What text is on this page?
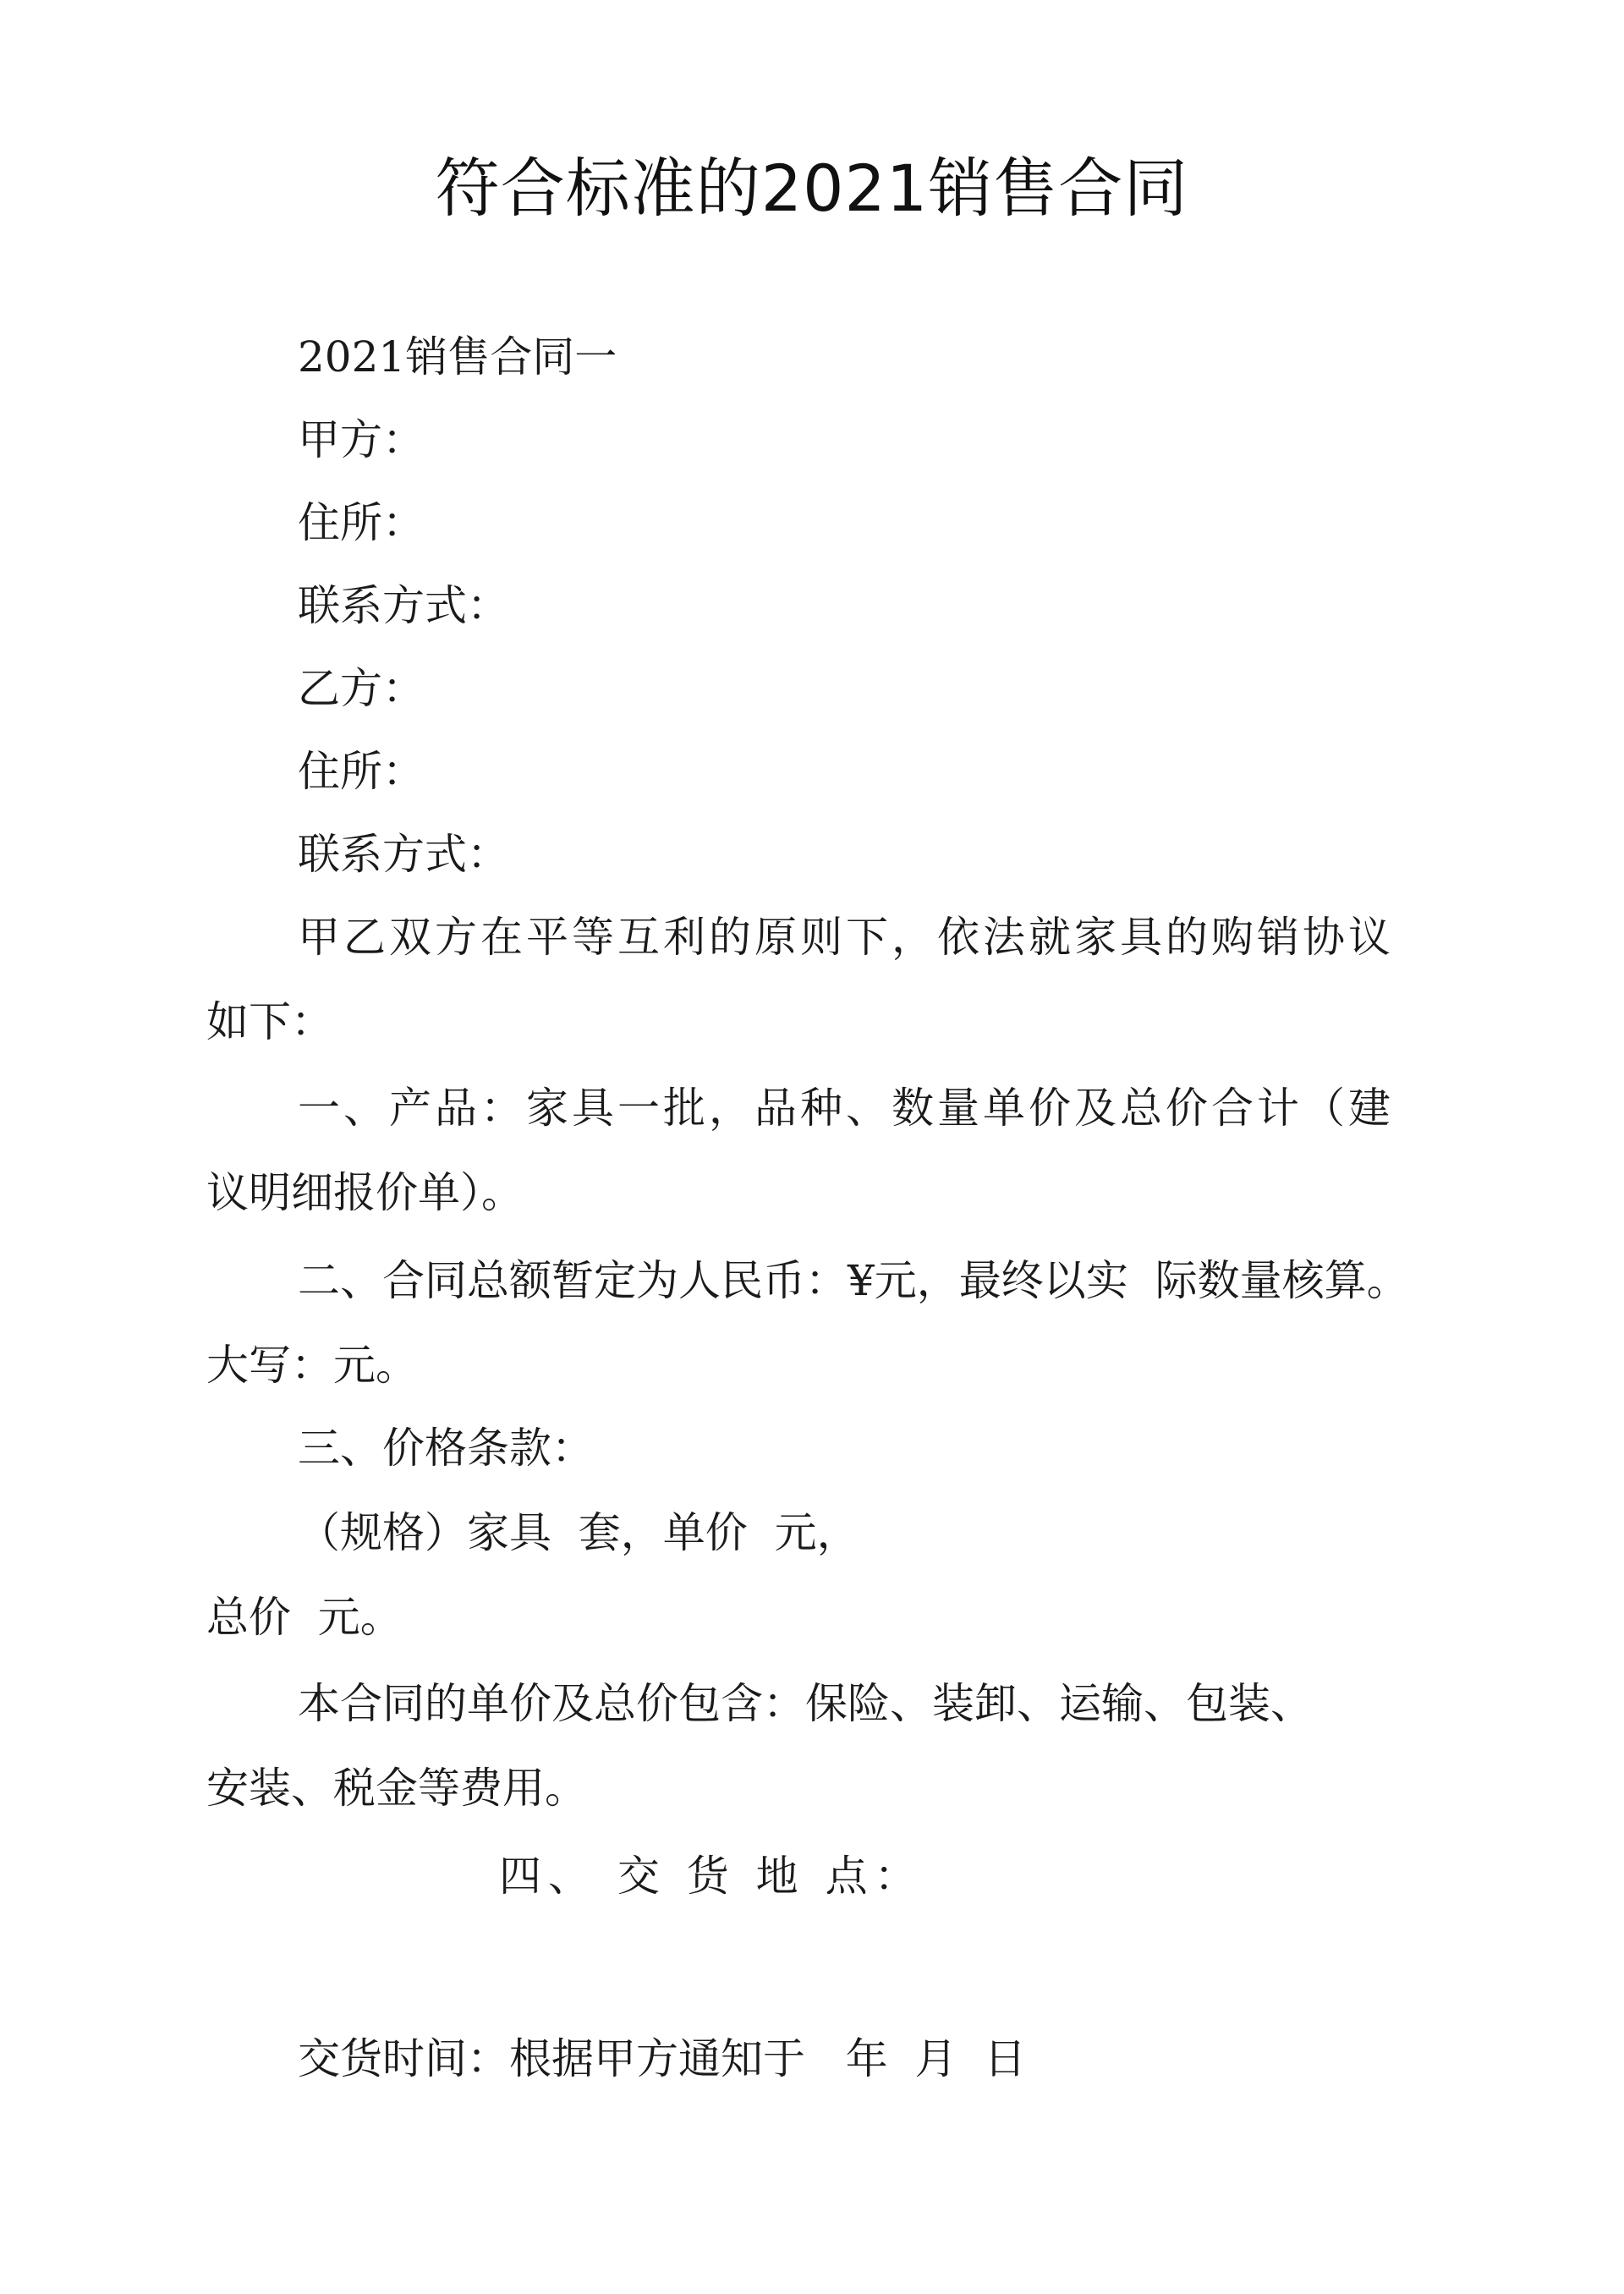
符合标准的2021销售合同
2021销售合同一
甲方：
住所：
联系方式：
乙方：
住所：
联系方式：
甲乙双方在平等互利的原则下，依法就家具的购销协议
如下：
一、产品：家具一批，品种、数量单价及总价合计（建
议明细报价单）。
二、合同总额暂定为人民币：¥元，最终以实  际数量核算。
大写：元。
三、价格条款：
（规格）家具  套，单价  元，
总价  元。
本合同的单价及总价包含：保险、装卸、运输、包装、
安装、税金等费用。
四、 交 货 地 点：
交货时间：根据甲方通知于   年  月  日
